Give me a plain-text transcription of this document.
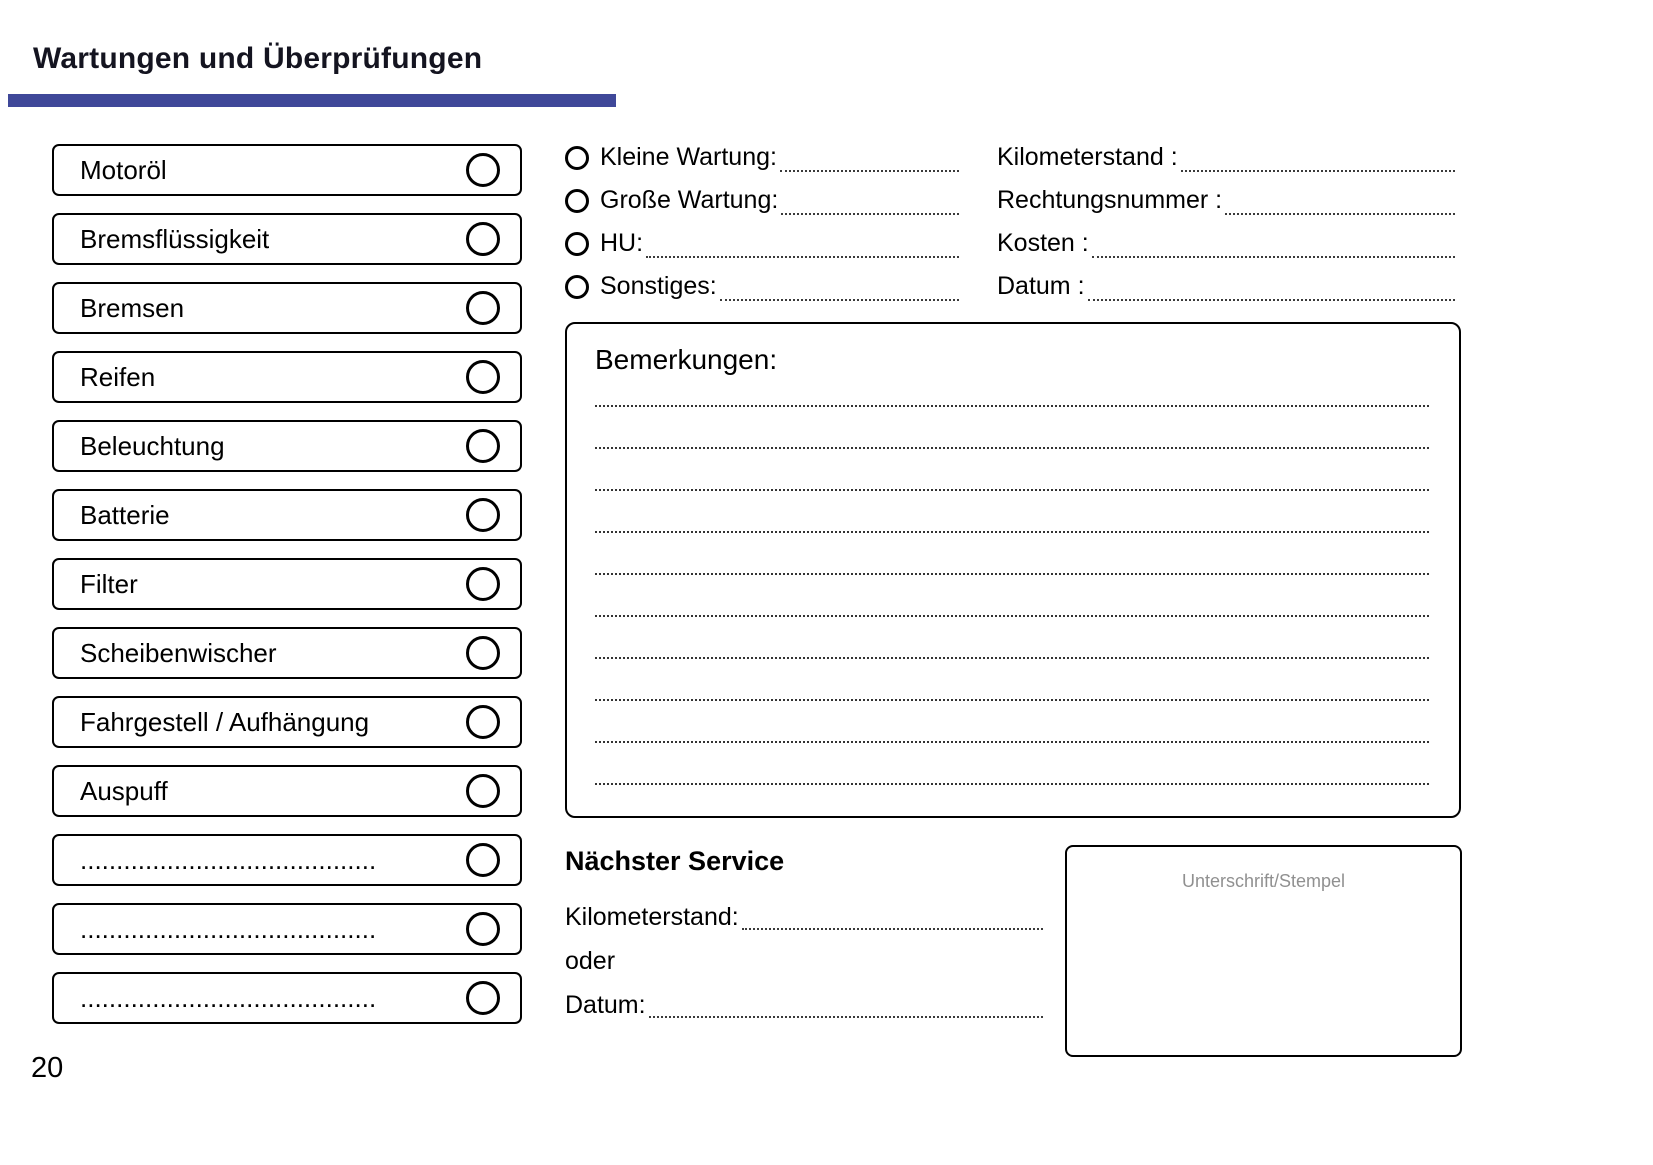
Wartungen und Überprüfungen
Motoröl
Bremsflüssigkeit
Bremsen
Reifen
Beleuchtung
Batterie
Filter
Scheibenwischer
Fahrgestell / Aufhängung
Auspuff
.........................................
.........................................
.........................................
Kleine Wartung:
Große Wartung:
HU:
Sonstiges:
Kilometerstand :
Rechtungsnummer :
Kosten :
Datum :
Bemerkungen:
Nächster Service
Kilometerstand:
oder
Datum:
Unterschrift/Stempel
20
